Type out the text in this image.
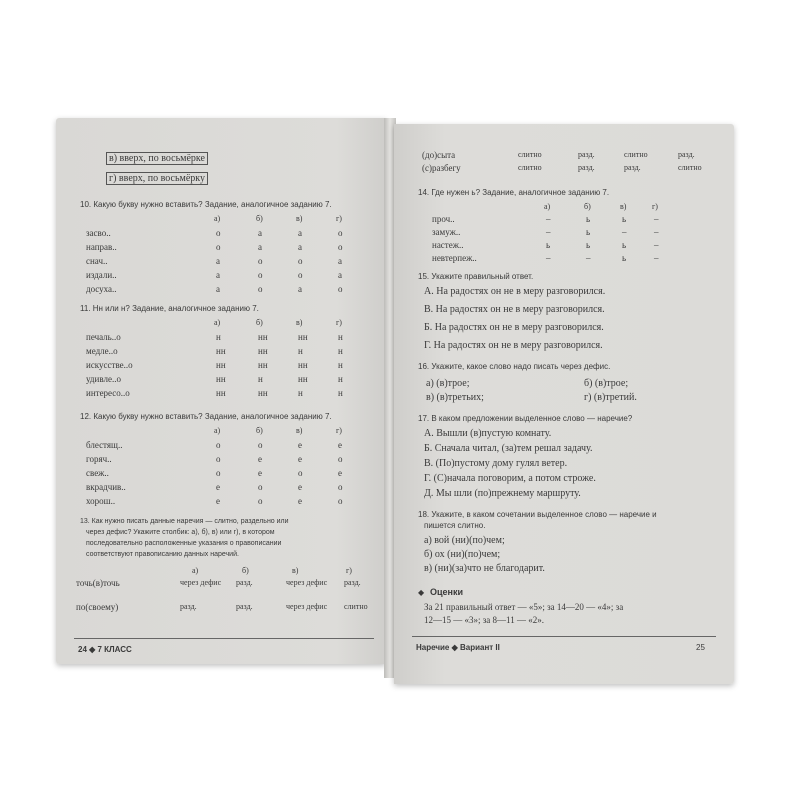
в) вверх, по восьмёрке
г) вверх, по восьмёрку
10. Какую букву нужно вставить? Задание, аналогичное заданию 7.
а)	б)	в)	г)
засвo..	о	а	а	о
направ..	о	а	а	о
снач..	а	о	о	а
издали..	а	о	о	а
досуха..	а	о	а	о
11. Нн или н? Задание, аналогичное заданию 7.
а)	б)	в)	г)
печаль..о	н	нн	нн	н
медле..о	нн	нн	н	н
искусстве..о	нн	нн	нн	н
удивле..о	нн	н	нн	н
интересо..о	нн	нн	н	н
12. Какую букву нужно вставить? Задание, аналогичное заданию 7.
а)	б)	в)	г)
блестящ..	о	о	е	е
горяч..	о	е	е	о
свеж..	о	е	о	е
вкрадчив..	е	о	е	о
хорош..	е	о	е	о
13. Как нужно писать данные наречия — слитно, раздельно или
через дефис? Укажите столбик: а), б), в) или г), в котором
последовательно расположенные указания о правописании
соответствуют правописанию данных наречий.
а)	б)	в)	г)
точь(в)точь	через дефис	разд.	через дефис	разд.
по(своему)	разд.	разд.	через дефис	слитно
24 ◆ 7 КЛАСС
(до)сыта	слитно	разд.	слитно	разд.
(с)разбегу	слитно	разд.	разд.	слитно
14. Где нужен ь? Задание, аналогичное заданию 7.
а)	б)	в)	г)
проч..	–	ь	ь	–
замуж..	–	ь	–	–
настеж..	ь	ь	ь	–
невтерпеж..	–	–	ь	–
15. Укажите правильный ответ.
А. На радостях он не в меру разговорился.
В. На радостях он не в меру разговорился.
Б. На радостях он не в меру разговорился.
Г. На радостях он не в меру разговорился.
16. Укажите, какое слово надо писать через дефис.
а) (в)трое;	б) (в)трое;
в) (в)третьих;	г) (в)третий.
17. В каком предложении выделенное слово — наречие?
А. Вышли (в)пустую комнату.
Б. Сначала читал, (за)тем решал задачу.
В. (По)пустому дому гулял ветер.
Г. (С)начала поговорим, а потом строже.
Д. Мы шли (по)прежнему маршруту.
18. Укажите, в каком сочетании выделенное слово — наречие и
пишется слитно.
а) вой (ни)(по)чем;
б) ох (ни)(по)чем;
в) (ни)(за)что не благодарит.
◆ Оценки
За 21 правильный ответ — «5»; за 14—20 — «4»; за
12—15 — «3»; за 8—11 — «2».
Наречие ◆ Вариант II	25
